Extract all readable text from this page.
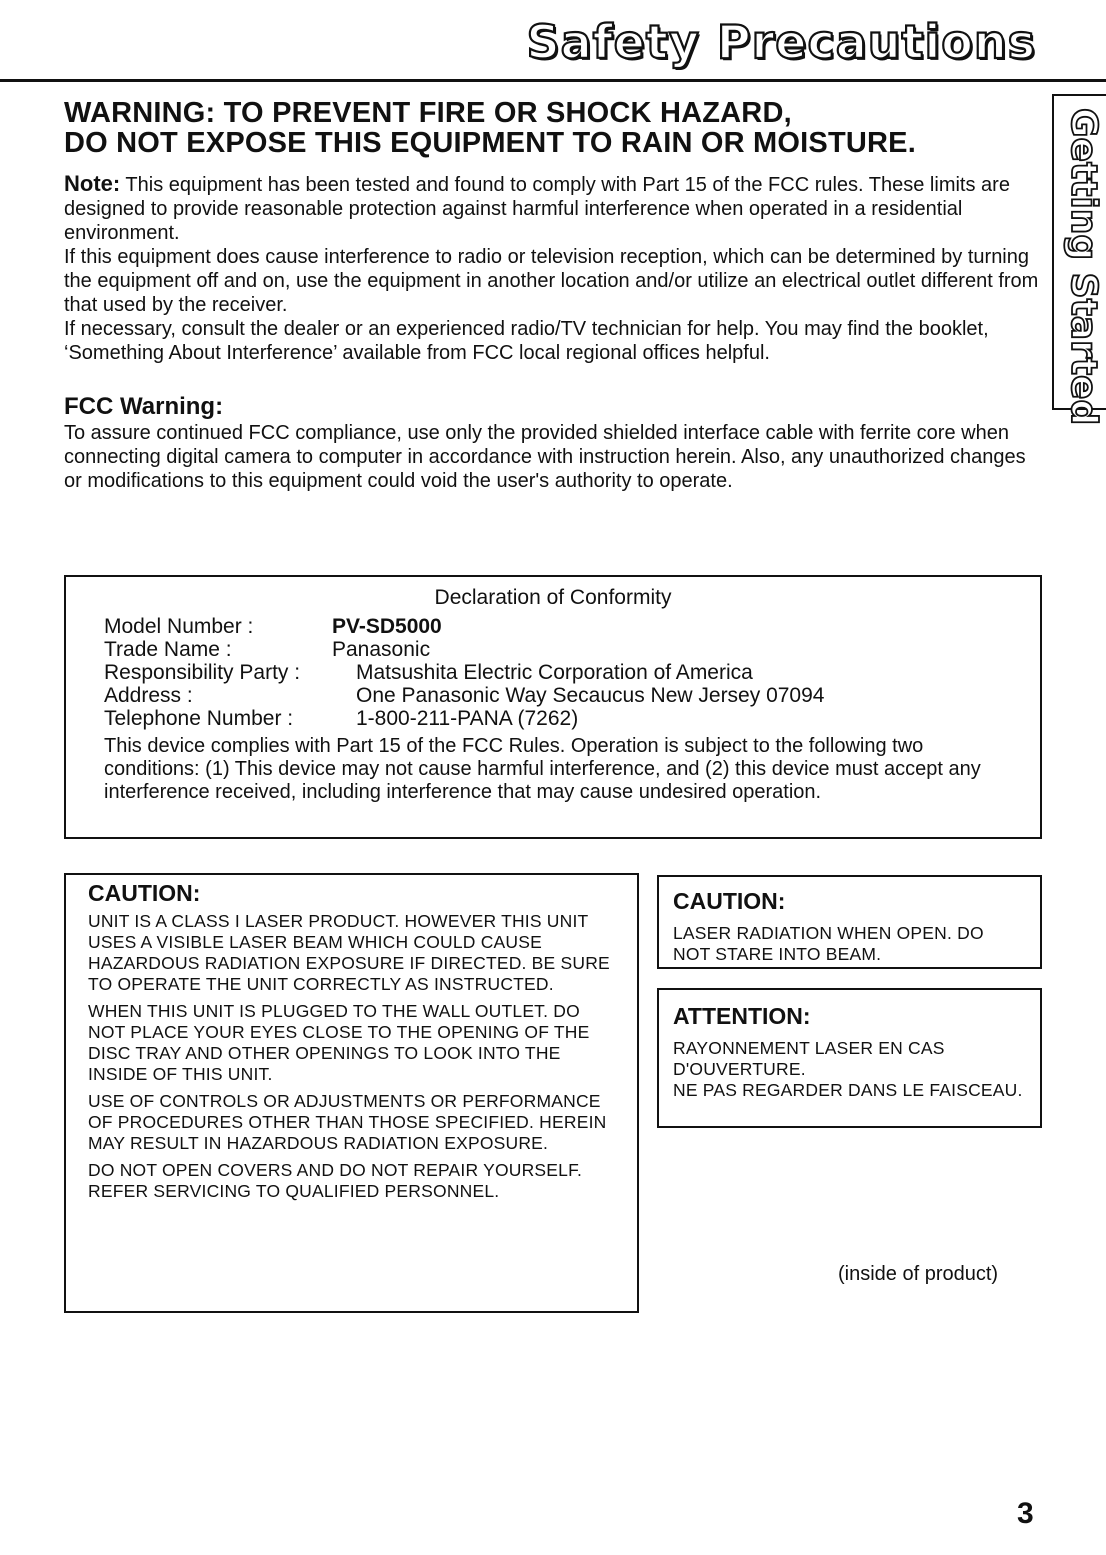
Safety Precautions
Getting Started
WARNING: TO PREVENT FIRE OR SHOCK HAZARD,
DO NOT EXPOSE THIS EQUIPMENT TO RAIN OR MOISTURE.

Note: This equipment has been tested and found to comply with Part 15 of the FCC rules. These limits are designed to provide reasonable protection against harmful interference when operated in a residential environment.

If this equipment does cause interference to radio or television reception, which can be determined by turning the equipment off and on, use the equipment in another location and/or utilize an electrical outlet different from that used by the receiver.

If necessary, consult the dealer or an experienced radio/TV technician for help. You may find the booklet, ‘Something About Interference’ available from FCC local regional offices helpful.

FCC Warning:
To assure continued FCC compliance, use only the provided shielded interface cable with ferrite core when connecting digital camera to computer in accordance with instruction herein. Also, any unauthorized changes or modifications to this equipment could void the user's authority to operate.
Declaration of Conformity
Model Number :	PV-SD5000
Trade Name :	Panasonic
Responsibility Party :	Matsushita Electric Corporation of America
Address :	One Panasonic Way Secaucus New Jersey 07094
Telephone Number :	1-800-211-PANA (7262)
This device complies with Part 15 of the FCC Rules. Operation is subject to the following two conditions: (1) This device may not cause harmful interference, and (2) this device must accept any interference received, including interference that may cause undesired operation.
CAUTION:

UNIT IS A CLASS I LASER PRODUCT. HOWEVER THIS UNIT USES A VISIBLE LASER BEAM WHICH COULD CAUSE HAZARDOUS RADIATION EXPOSURE IF DIRECTED. BE SURE TO OPERATE THE UNIT CORRECTLY AS INSTRUCTED.

WHEN THIS UNIT IS PLUGGED TO THE WALL OUTLET. DO NOT PLACE YOUR EYES CLOSE TO THE OPENING OF THE DISC TRAY AND OTHER OPENINGS TO LOOK INTO THE INSIDE OF THIS UNIT.

USE OF CONTROLS OR ADJUSTMENTS OR PERFORMANCE OF PROCEDURES OTHER THAN THOSE SPECIFIED. HEREIN MAY RESULT IN HAZARDOUS RADIATION EXPOSURE.

DO NOT OPEN COVERS AND DO NOT REPAIR YOURSELF. REFER SERVICING TO QUALIFIED PERSONNEL.

CAUTION:

LASER RADIATION WHEN OPEN. DO NOT STARE INTO BEAM.

ATTENTION:

RAYONNEMENT LASER EN CAS D'OUVERTURE.

NE PAS REGARDER DANS LE FAISCEAU.

(inside of product)
3
